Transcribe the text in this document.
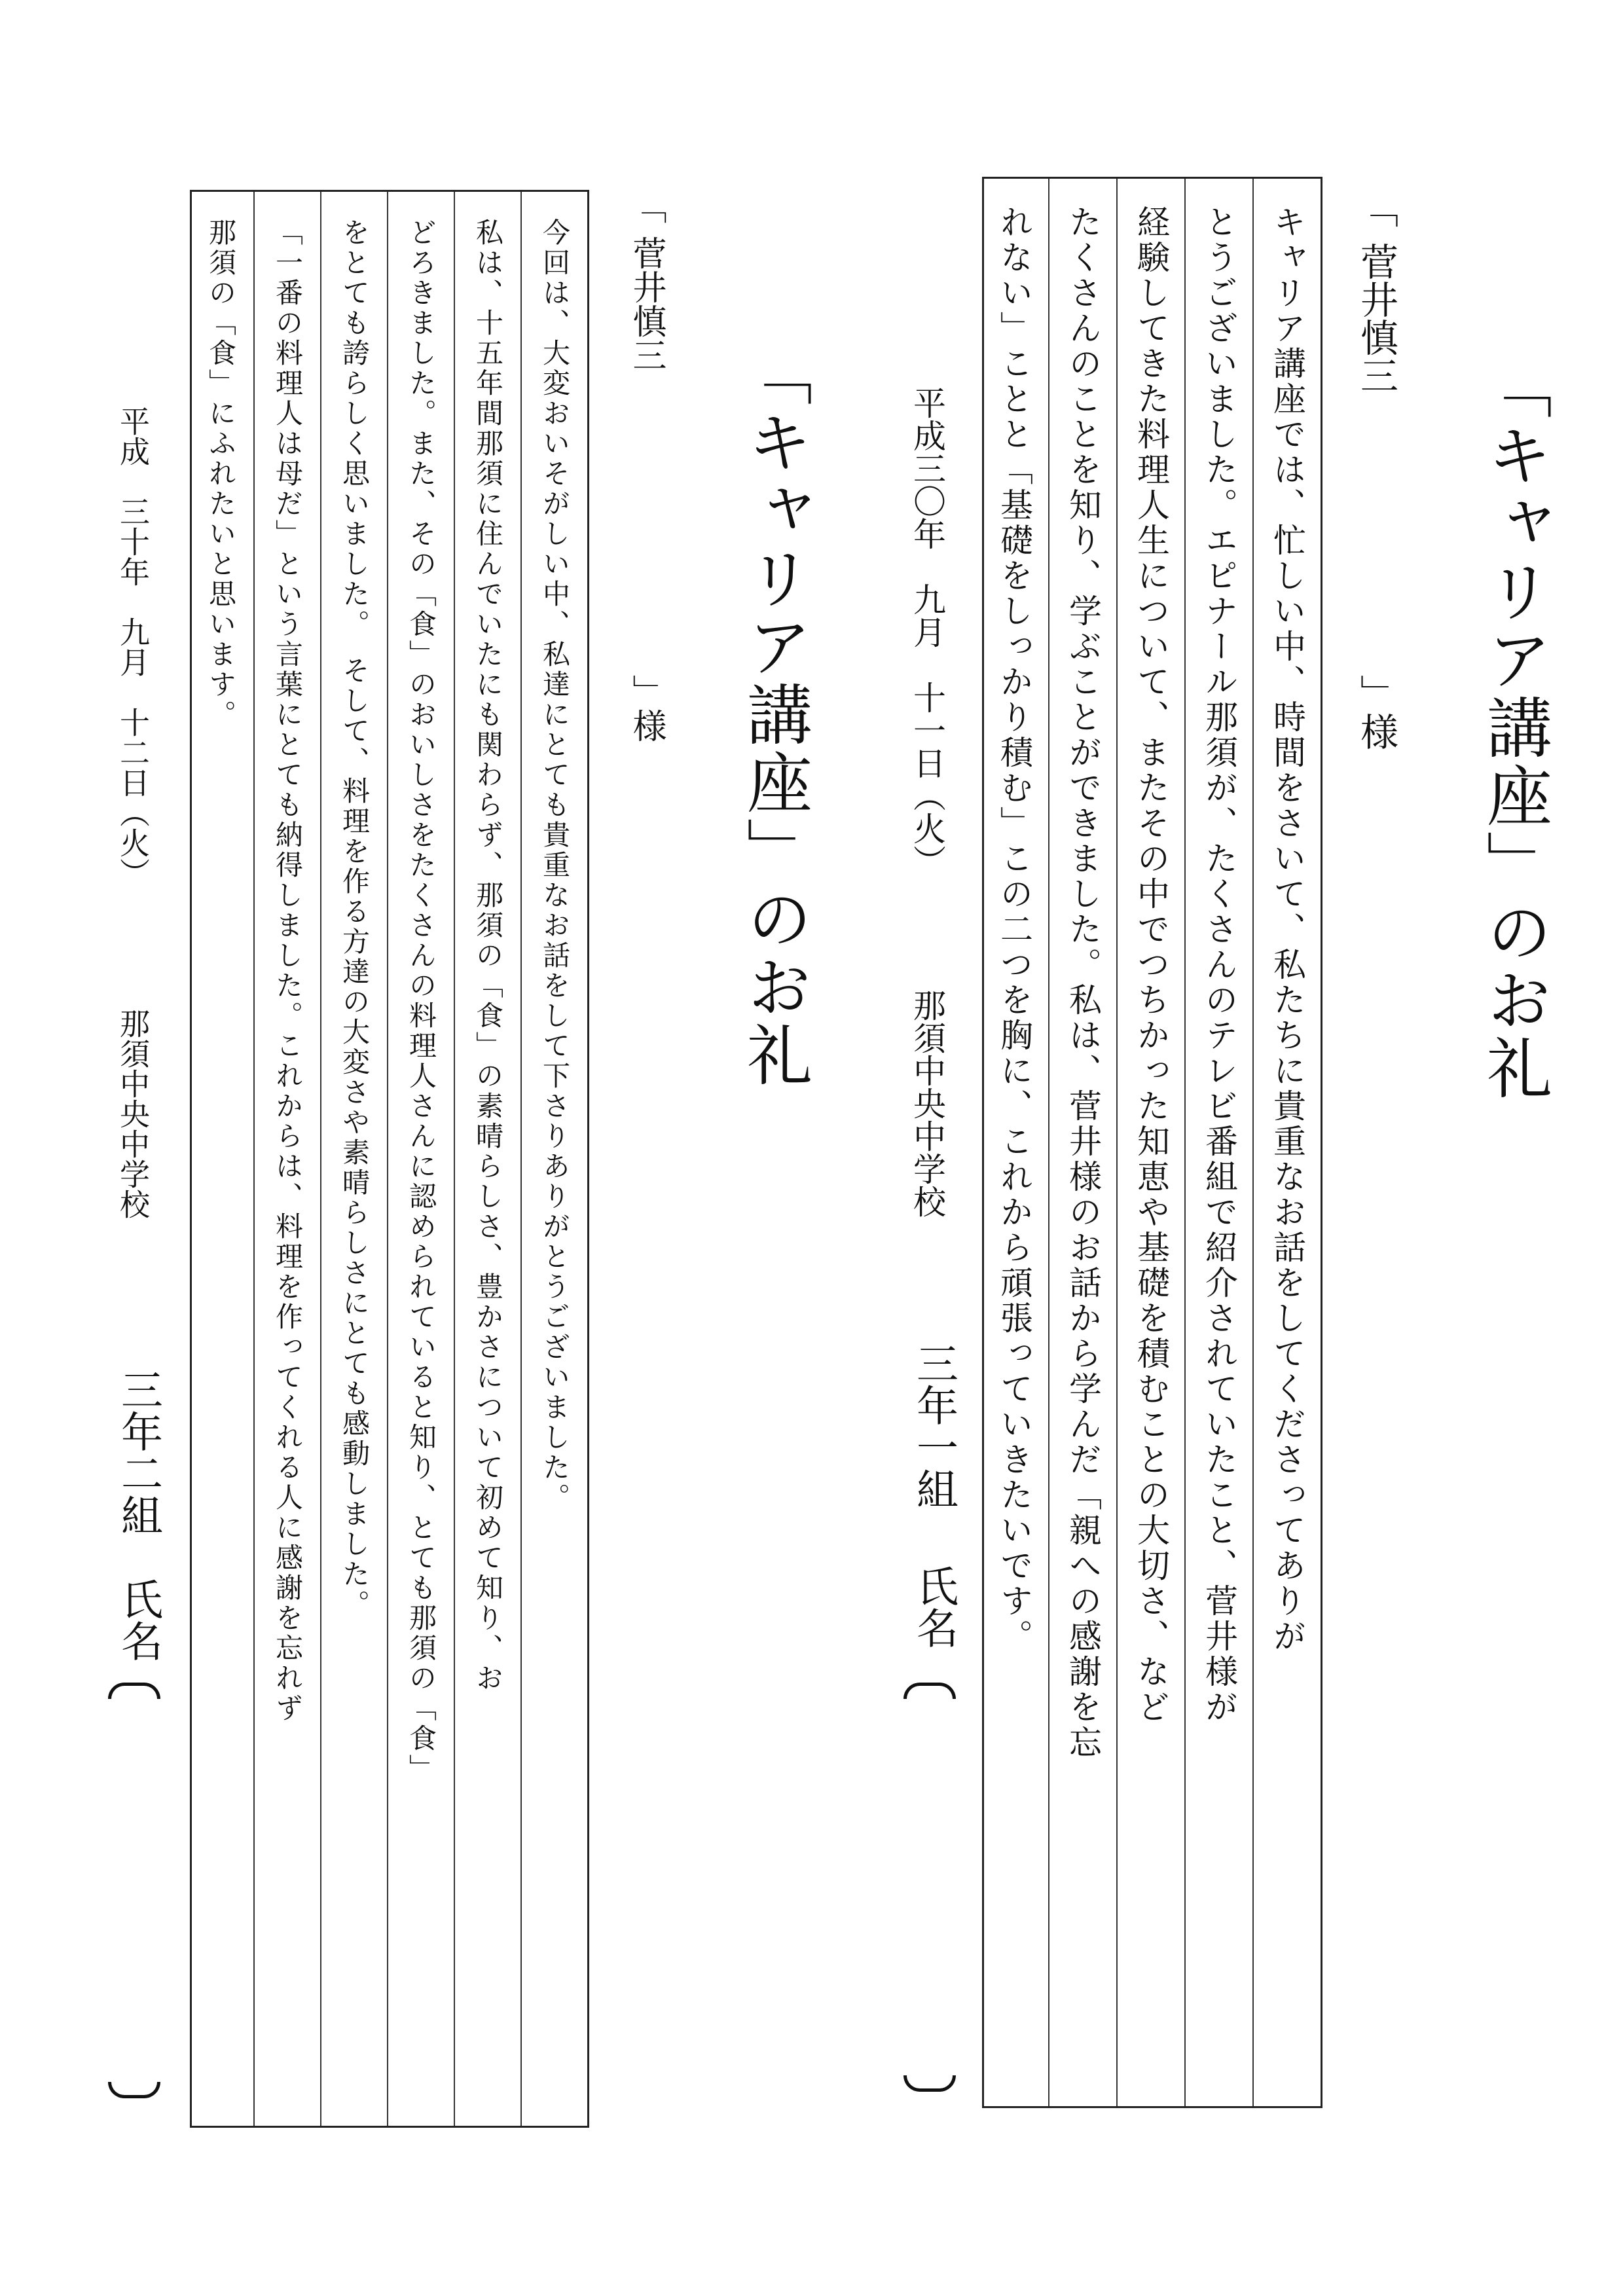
「キャリア講座」のお礼
「
菅井慎三
」様
キャリア講座では、忙しい中、時間をさいて、私たちに貴重なお話をしてくださってありが
とうございました。エピナール那須が、たくさんのテレビ番組で紹介されていたこと、菅井様が
経験してきた料理人生について、またその中でつちかった知恵や基礎を積むことの大切さ、など
たくさんのことを知り、学ぶことができました。私は、菅井様のお話から学んだ「親への感謝を忘
れない」ことと「基礎をしっかり積む」この二つを胸に、これから頑張っていきたいです。
平成三〇年　九月　十一日（火）
那須中央中学校
三年一組
氏名
「キャリア講座」のお礼
「
菅井慎三
」様
今回は、大変おいそがしい中、私達にとても貴重なお話をして下さりありがとうございました。
私は、十五年間那須に住んでいたにも関わらず、那須の「食」の素晴らしさ、豊かさについて初めて知り、お
どろきました。また、その「食」のおいしさをたくさんの料理人さんに認められていると知り、とても那須の「食」
をとても誇らしく思いました。　そして、料理を作る方達の大変さや素晴らしさにとても感動しました。
「一番の料理人は母だ」という言葉にとても納得しました。これからは、料理を作ってくれる人に感謝を忘れず
那須の「食」にふれたいと思います。
平成　三十年　九月　十二日（火）
那須中央中学校
三年二組
氏名
